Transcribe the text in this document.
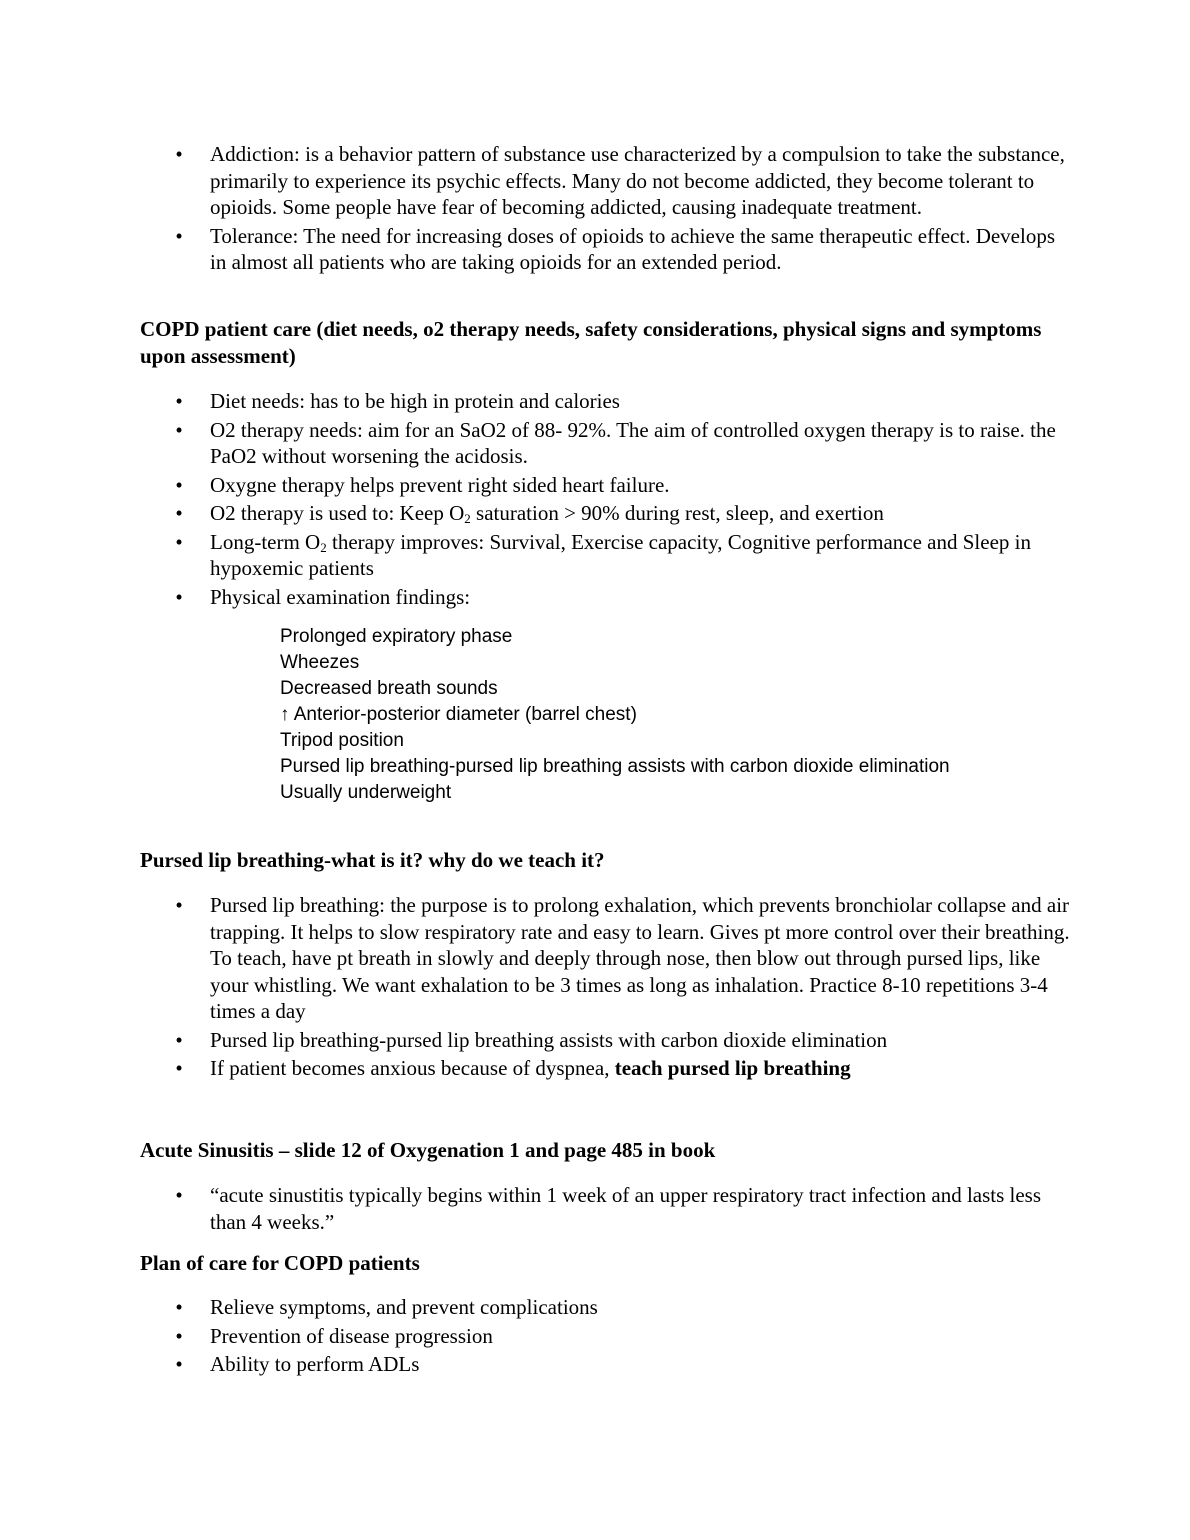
• Addiction: is a behavior pattern of substance use characterized by a compulsion to take the substance, primarily to experience its psychic effects. Many do not become addicted, they become tolerant to opioids. Some people have fear of becoming addicted, causing inadequate treatment.
• Tolerance: The need for increasing doses of opioids to achieve the same therapeutic effect. Develops in almost all patients who are taking opioids for an extended period.
COPD patient care (diet needs, o2 therapy needs, safety considerations, physical signs and symptoms upon assessment)
• Diet needs: has to be high in protein and calories
• O2 therapy needs: aim for an SaO2 of 88- 92%. The aim of controlled oxygen therapy is to raise. the PaO2 without worsening the acidosis.
• Oxygne therapy helps prevent right sided heart failure.
• O2 therapy is used to: Keep $O_2$ saturation > 90% during rest, sleep, and exertion
• Long-term $O_2$ therapy improves: Survival, Exercise capacity, Cognitive performance and Sleep in hypoxemic patients
• Physical examination findings:
Prolonged expiratory phase
Wheezes
Decreased breath sounds
↑ Anterior-posterior diameter (barrel chest)
Tripod position
Pursed lip breathing-pursed lip breathing assists with carbon dioxide elimination
Usually underweight
Pursed lip breathing-what is it? why do we teach it?
• Pursed lip breathing: the purpose is to prolong exhalation, which prevents bronchiolar collapse and air trapping. It helps to slow respiratory rate and easy to learn. Gives pt more control over their breathing. To teach, have pt breath in slowly and deeply through nose, then blow out through pursed lips, like your whistling. We want exhalation to be 3 times as long as inhalation. Practice 8-10 repetitions 3-4 times a day
• Pursed lip breathing-pursed lip breathing assists with carbon dioxide elimination
• If patient becomes anxious because of dyspnea, teach pursed lip breathing
Acute Sinusitis – slide 12 of Oxygenation 1 and page 485 in book
• “acute sinustitis typically begins within 1 week of an upper respiratory tract infection and lasts less than 4 weeks.”
Plan of care for COPD patients
• Relieve symptoms, and prevent complications
• Prevention of disease progression
• Ability to perform ADLs
